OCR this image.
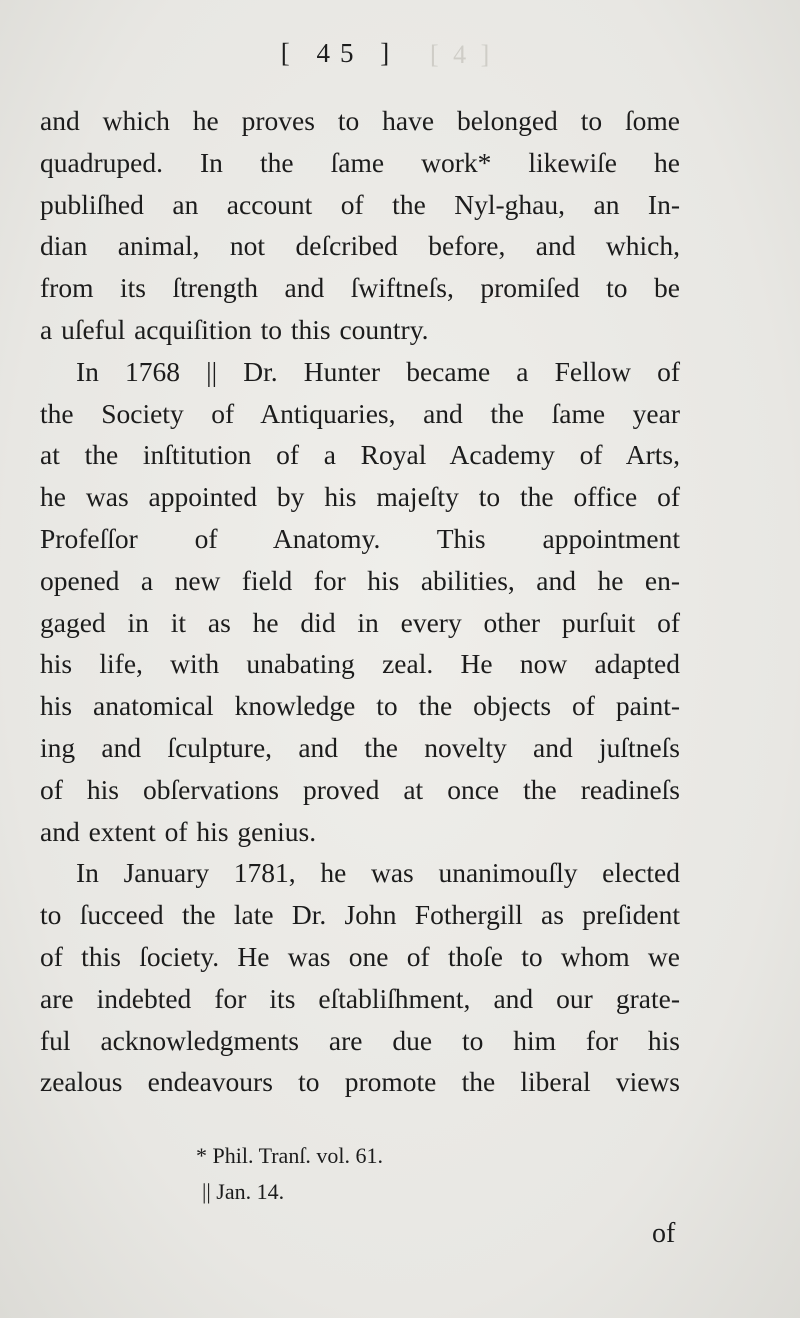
[ 4 ]
[ 45 ]
and which he proves to have belonged to ſome
quadruped. In the ſame work* likewiſe he
publiſhed an account of the Nyl-ghau, an In-
dian animal, not deſcribed before, and which,
from its ſtrength and ſwiftneſs, promiſed to be
a uſeful acquiſition to this country.
In 1768 || Dr. Hunter became a Fellow of
the Society of Antiquaries, and the ſame year
at the inſtitution of a Royal Academy of Arts,
he was appointed by his majeſty to the office of
Profeſſor of Anatomy. This appointment
opened a new field for his abilities, and he en-
gaged in it as he did in every other purſuit of
his life, with unabating zeal. He now adapted
his anatomical knowledge to the objects of paint-
ing and ſculpture, and the novelty and juſtneſs
of his obſervations proved at once the readineſs
and extent of his genius.
In January 1781, he was unanimouſly elected
to ſucceed the late Dr. John Fothergill as preſident
of this ſociety. He was one of thoſe to whom we
are indebted for its eſtabliſhment, and our grate-
ful acknowledgments are due to him for his
zealous endeavours to promote the liberal views
* Phil. Tranſ. vol. 61.
|| Jan. 14.
of
